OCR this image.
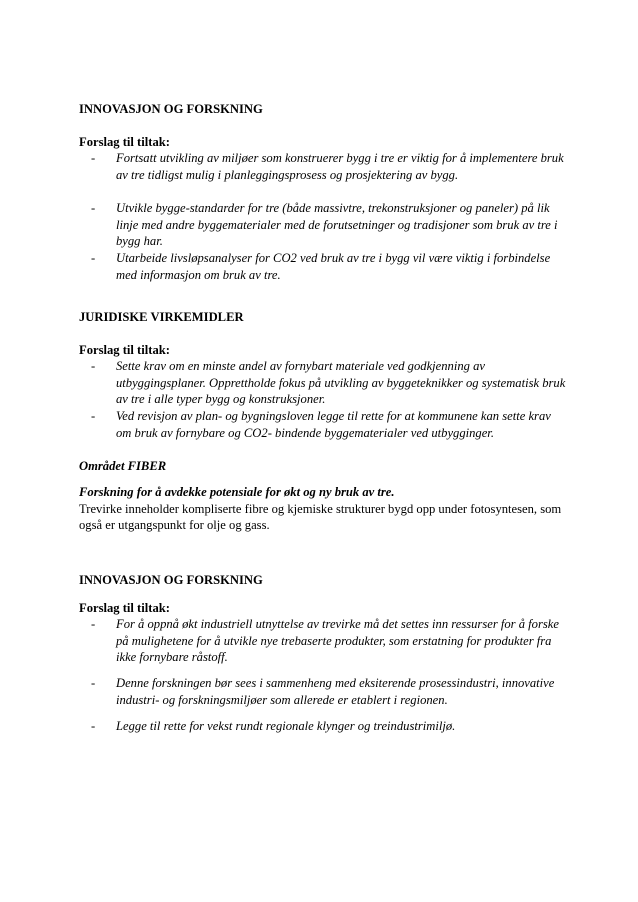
INNOVASJON OG FORSKNING
Forslag til tiltak:
- Fortsatt utvikling av miljøer som konstruerer bygg i tre er viktig for å implementere bruk av tre tidligst mulig i planleggingsprosess og prosjektering av bygg.
- Utvikle bygge-standarder for tre (både massivtre, trekonstruksjoner og paneler) på lik linje med andre byggematerialer med de forutsetninger og tradisjoner som bruk av tre i bygg har.
- Utarbeide livsløpsanalyser for CO2 ved bruk av tre i bygg vil være viktig i forbindelse med informasjon om bruk av tre.
JURIDISKE VIRKEMIDLER
Forslag til tiltak:
- Sette krav om en minste andel av fornybart materiale ved godkjenning av utbyggingsplaner. Opprettholde fokus på utvikling av byggeteknikker og systematisk bruk av tre i alle typer bygg og konstruksjoner.
- Ved revisjon av plan- og bygningsloven legge til rette for at kommunene kan sette krav om bruk av fornybare og CO2- bindende byggematerialer ved utbygginger.
Området FIBER
Forskning for å avdekke potensiale for økt og ny bruk av tre.
Trevirke inneholder kompliserte fibre og kjemiske strukturer bygd opp under fotosyntesen, som også er utgangspunkt for olje og gass.
INNOVASJON OG FORSKNING
Forslag til tiltak:
- For å oppnå økt industriell utnyttelse av trevirke må det settes inn ressurser for å forske på mulighetene for å utvikle nye trebaserte produkter, som erstatning for produkter fra ikke fornybare råstoff.
- Denne forskningen bør sees i sammenheng med eksiterende prosessindustri, innovative industri- og forskningsmiljøer som allerede er etablert i regionen.
- Legge til rette for vekst rundt regionale klynger og treindustrimiljø.
